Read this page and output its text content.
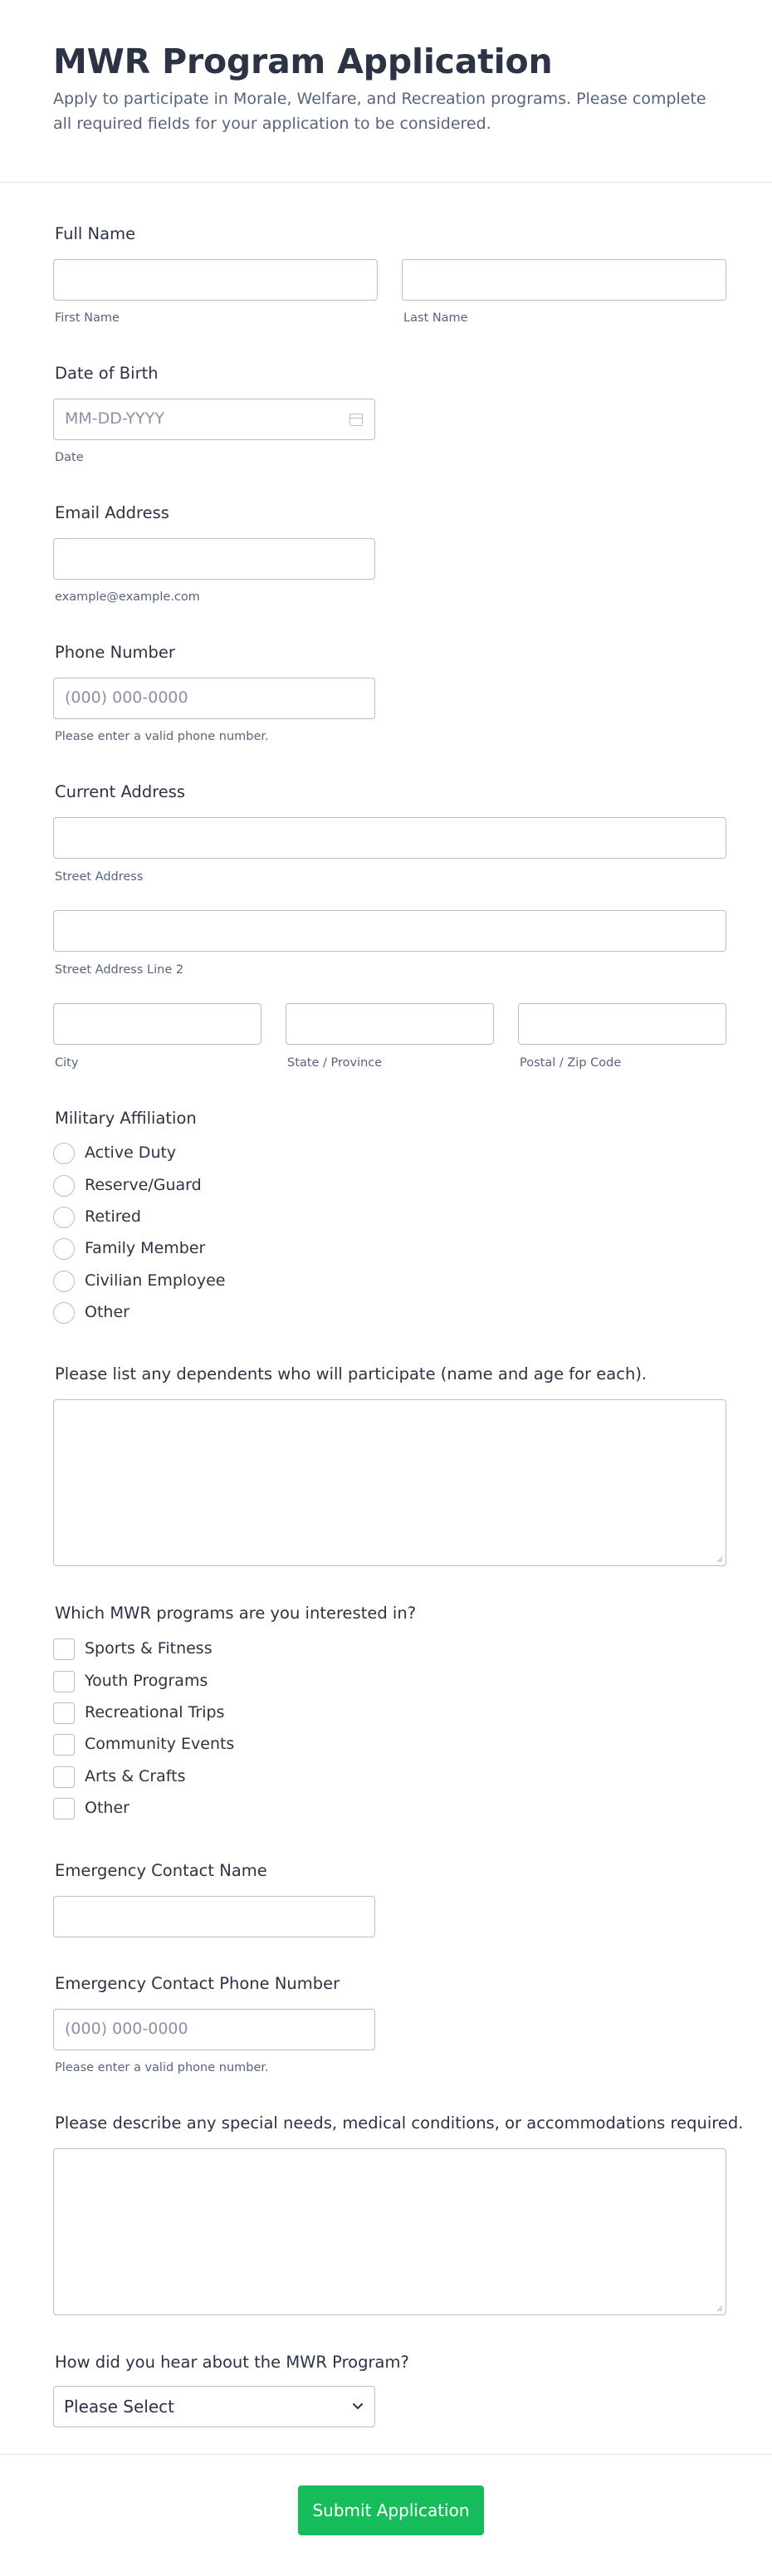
MWR Program Application

Apply to participate in Morale, Welfare, and Recreation programs. Please complete all required fields for your application to be considered.

Full Name
First Name	Last Name
Date of Birth
MM-DD-YYYY
Date
Email Address
example@example.com
Phone Number
(000) 000-0000
Please enter a valid phone number.
Current Address
Street Address
Street Address Line 2
City	State / Province	Postal / Zip Code
Military Affiliation
Active Duty
Reserve/Guard
Retired
Family Member
Civilian Employee
Other
Please list any dependents who will participate (name and age for each).
Which MWR programs are you interested in?
Sports & Fitness
Youth Programs
Recreational Trips
Community Events
Arts & Crafts
Other
Emergency Contact Name
Emergency Contact Phone Number
(000) 000-0000
Please enter a valid phone number.
Please describe any special needs, medical conditions, or accommodations required.
How did you hear about the MWR Program?
Please Select
Submit Application
